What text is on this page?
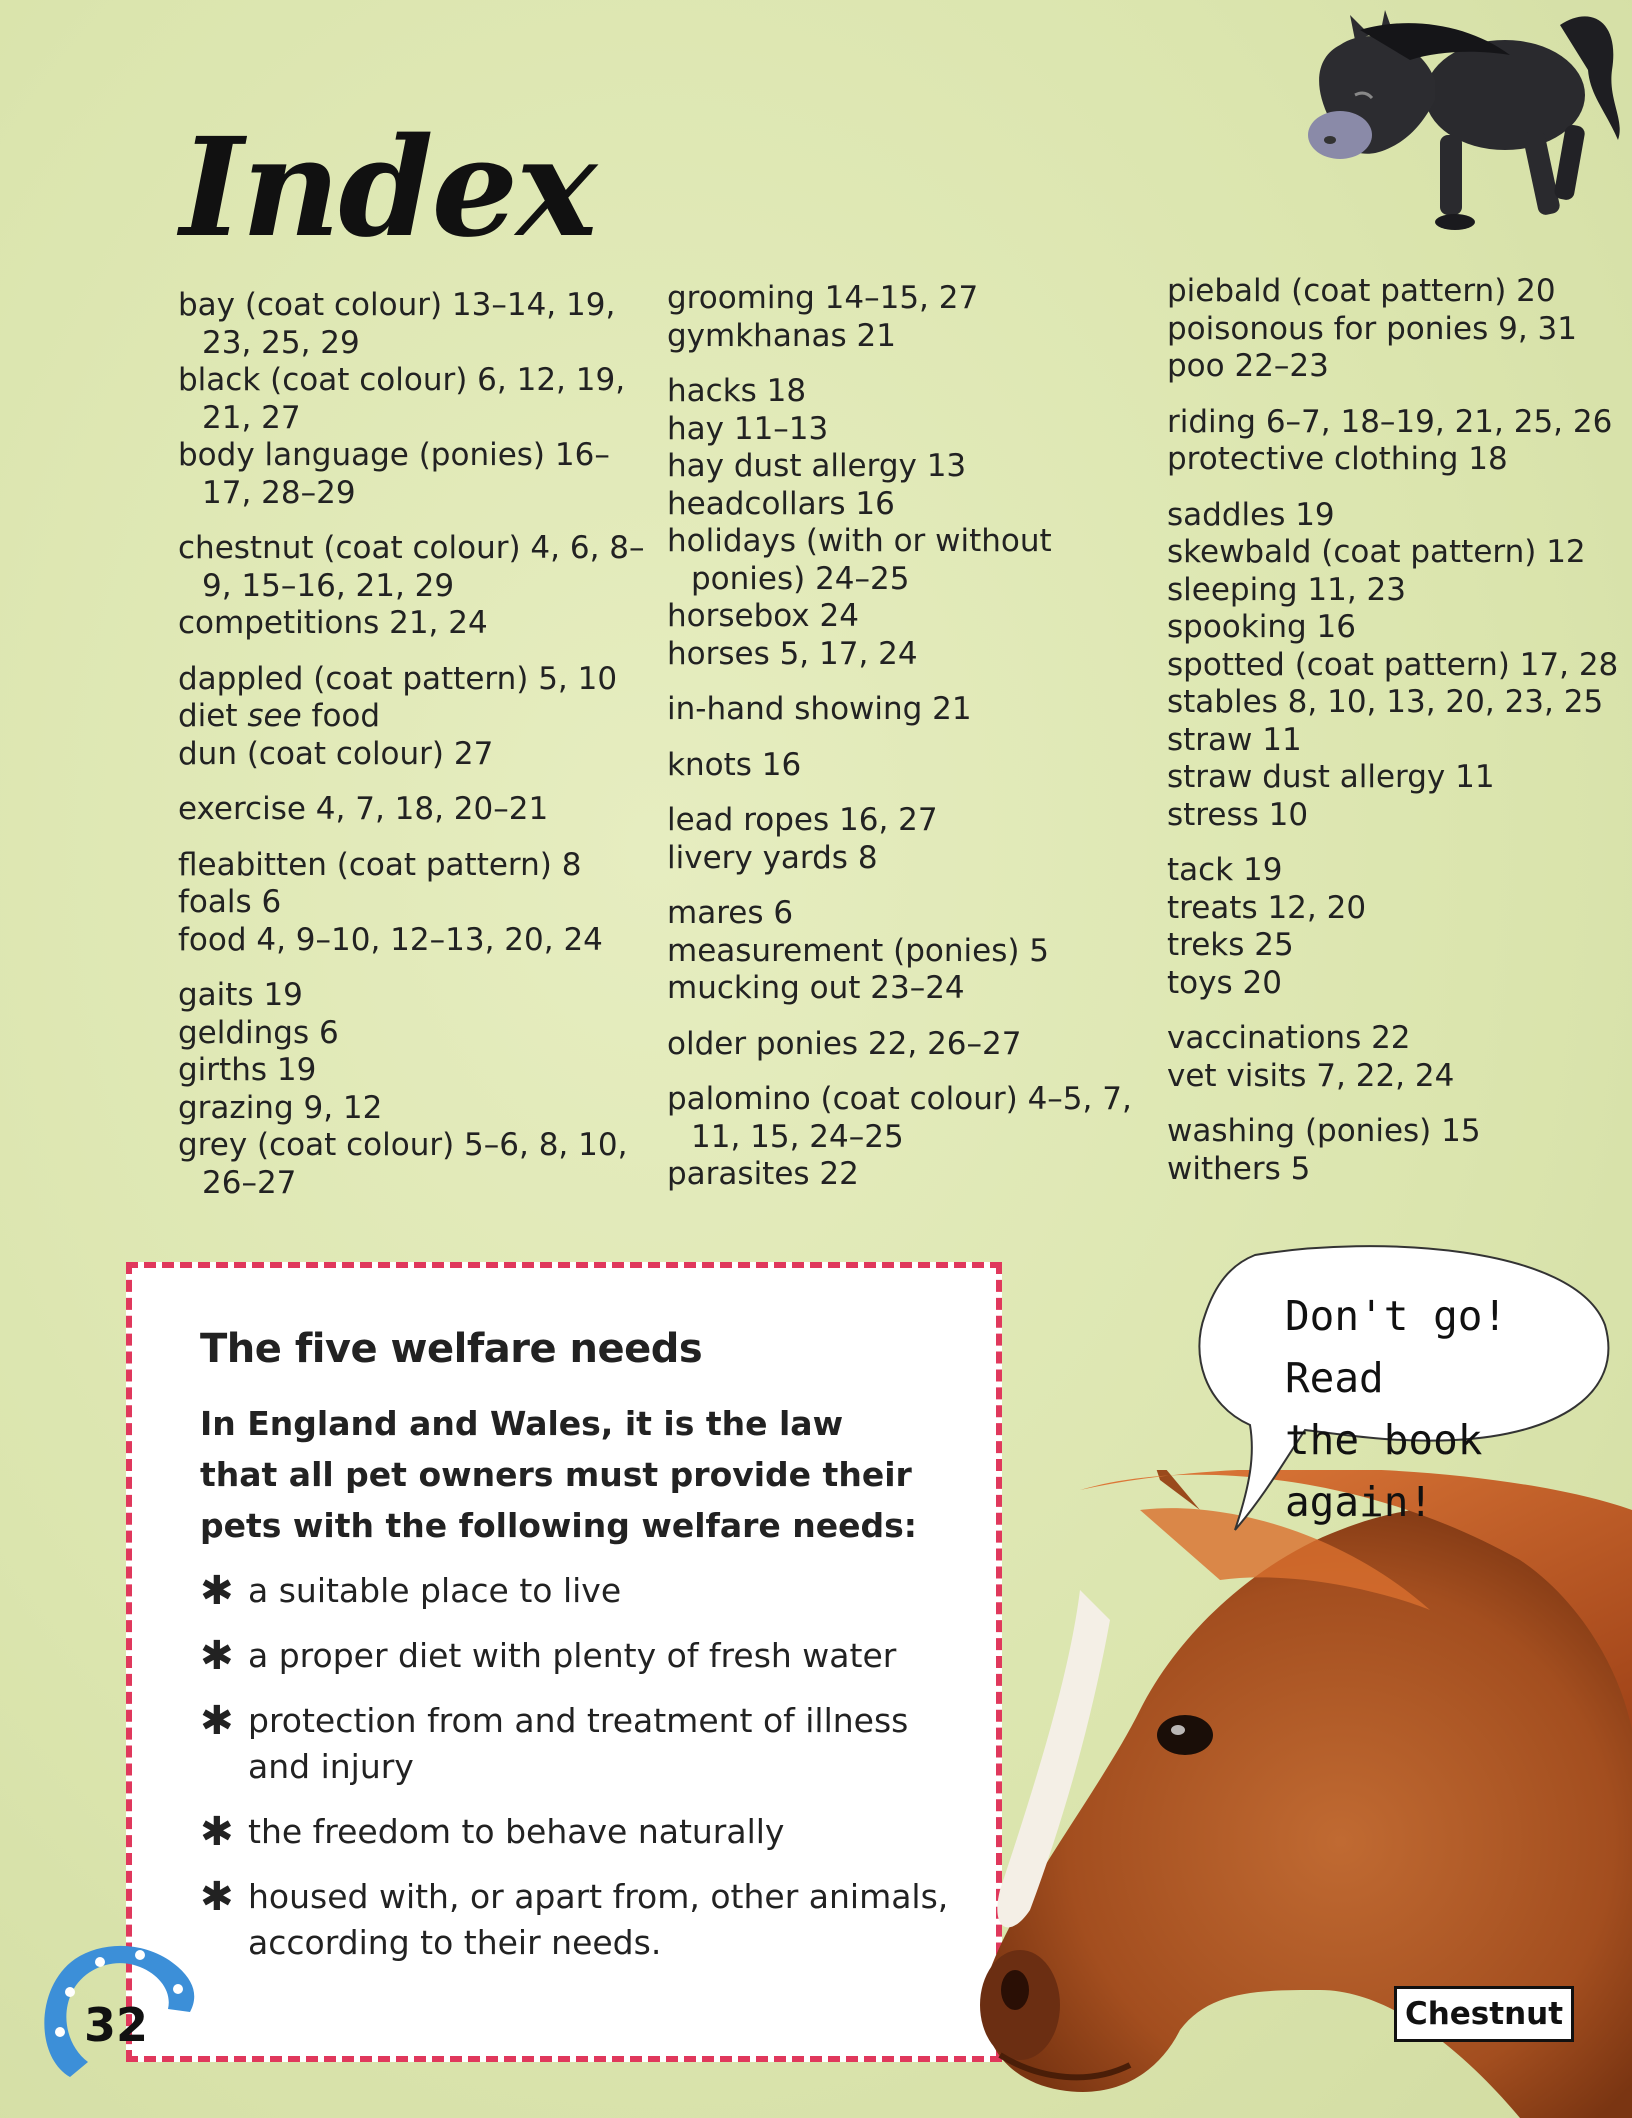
Index
bay (coat colour) 13–14, 19, 23, 25, 29
black (coat colour) 6, 12, 19, 21, 27
body language (ponies) 16–17, 28–29
chestnut (coat colour) 4, 6, 8–9, 15–16, 21, 29
competitions 21, 24
dappled (coat pattern) 5, 10
diet see food
dun (coat colour) 27
exercise 4, 7, 18, 20–21
fleabitten (coat pattern) 8
foals 6
food 4, 9–10, 12–13, 20, 24
gaits 19
geldings 6
girths 19
grazing 9, 12
grey (coat colour) 5–6, 8, 10, 26–27
grooming 14–15, 27
gymkhanas 21
hacks 18
hay 11–13
hay dust allergy 13
headcollars 16
holidays (with or without ponies) 24–25
horsebox 24
horses 5, 17, 24
in-hand showing 21
knots 16
lead ropes 16, 27
livery yards 8
mares 6
measurement (ponies) 5
mucking out 23–24
older ponies 22, 26–27
palomino (coat colour) 4–5, 7, 11, 15, 24–25
parasites 22
piebald (coat pattern) 20
poisonous for ponies 9, 31
poo 22–23
riding 6–7, 18–19, 21, 25, 26
protective clothing 18
saddles 19
skewbald (coat pattern) 12
sleeping 11, 23
spooking 16
spotted (coat pattern) 17, 28
stables 8, 10, 13, 20, 23, 25
straw 11
straw dust allergy 11
stress 10
tack 19
treats 12, 20
treks 25
toys 20
vaccinations 22
vet visits 7, 22, 24
washing (ponies) 15
withers 5
The five welfare needs
In England and Wales, it is the law that all pet owners must provide their pets with the following welfare needs:
✱ a suitable place to live
✱ a proper diet with plenty of fresh water
✱ protection from and treatment of illness and injury
✱ the freedom to behave naturally
✱ housed with, or apart from, other animals, according to their needs.
32
Don't go! Read
the book again!
Chestnut
